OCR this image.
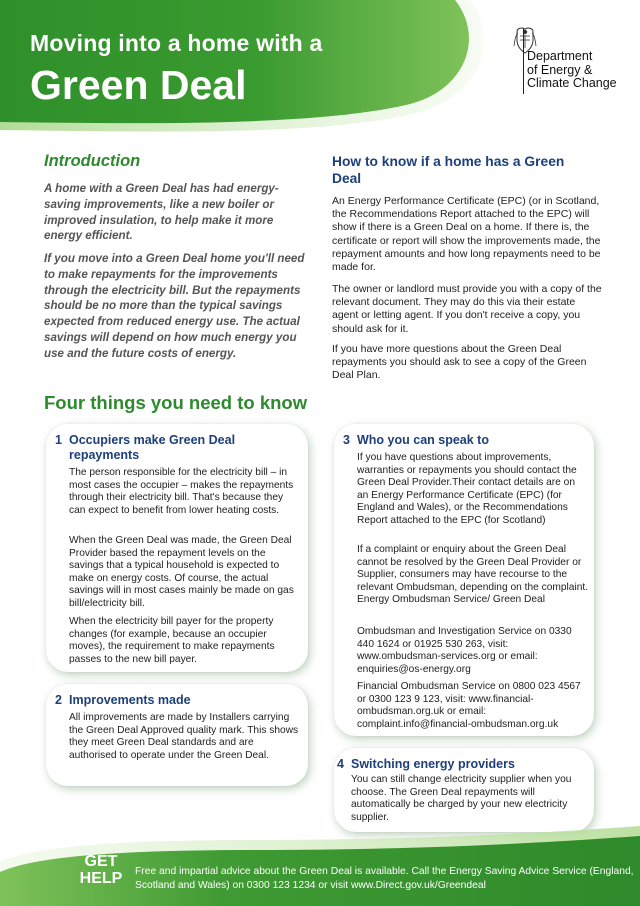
Moving into a home with a
Green Deal
Department
of Energy &
Climate Change
Introduction

A home with a Green Deal has had energy-saving improvements, like a new boiler or improved insulation, to help make it more energy efficient.

If you move into a Green Deal home you'll need to make repayments for the improvements through the electricity bill. But the repayments should be no more than the typical savings expected from reduced energy use. The actual savings will depend on how much energy you use and the future costs of energy.

How to know if a home has a Green Deal

An Energy Performance Certificate (EPC) (or in Scotland, the Recommendations Report attached to the EPC) will show if there is a Green Deal on a home. If there is, the certificate or report will show the improvements made, the repayment amounts and how long repayments need to be made for.

The owner or landlord must provide you with a copy of the relevant document. They may do this via their estate agent or letting agent. If you don't receive a copy, you should ask for it.

If you have more questions about the Green Deal repayments you should ask to see a copy of the Green Deal Plan.

Four things you need to know
1 Occupiers make Green Deal repayments

The person responsible for the electricity bill – in most cases the occupier – makes the repayments through their electricity bill. That's because they can expect to benefit from lower heating costs.

When the Green Deal was made, the Green Deal Provider based the repayment levels on the savings that a typical household is expected to make on energy costs. Of course, the actual savings will in most cases mainly be made on gas bill/electricity bill.

When the electricity bill payer for the property changes (for example, because an occupier moves), the requirement to make repayments passes to the new bill payer.

2 Improvements made

All improvements are made by Installers carrying the Green Deal Approved quality mark. This shows they meet Green Deal standards and are authorised to operate under the Green Deal.

3 Who you can speak to

If you have questions about improvements, warranties or repayments you should contact the Green Deal Provider.Their contact details are on an Energy Performance Certificate (EPC) (for England and Wales), or the Recommendations Report attached to the EPC (for Scotland)

If a complaint or enquiry about the Green Deal cannot be resolved by the Green Deal Provider or Supplier, consumers may have recourse to the relevant Ombudsman, depending on the complaint. Energy Ombudsman Service/ Green Deal

Ombudsman and Investigation Service on 0330 440 1624 or 01925 530 263, visit: www.ombudsman-services.org or email: enquiries@os-energy.org

Financial Ombudsman Service on 0800 023 4567 or 0300 123 9 123, visit: www.financial-ombudsman.org.uk or email: complaint.info@financial-ombudsman.org.uk

4 Switching energy providers

You can still change electricity supplier when you choose. The Green Deal repayments will automatically be charged by your new electricity supplier.

GET
HELP	Free and impartial advice about the Green Deal is available. Call the Energy Saving Advice Service (England, Scotland and Wales) on 0300 123 1234 or visit www.Direct.gov.uk/Greendeal
